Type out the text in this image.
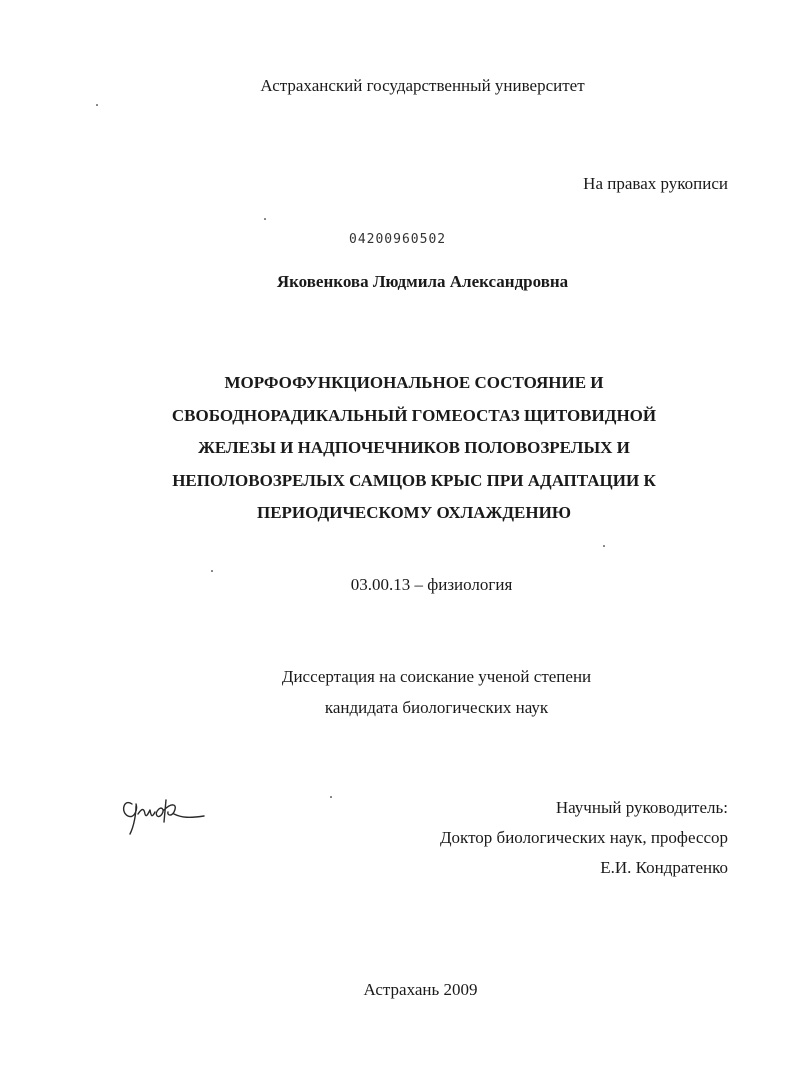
Астраханский государственный университет
На правах рукописи
04200960502
Яковенкова Людмила Александровна
МОРФОФУНКЦИОНАЛЬНОЕ СОСТОЯНИЕ И
СВОБОДНОРАДИКАЛЬНЫЙ ГОМЕОСТАЗ ЩИТОВИДНОЙ
ЖЕЛЕЗЫ И НАДПОЧЕЧНИКОВ ПОЛОВОЗРЕЛЫХ И
НЕПОЛОВОЗРЕЛЫХ САМЦОВ КРЫС ПРИ АДАПТАЦИИ К
ПЕРИОДИЧЕСКОМУ ОХЛАЖДЕНИЮ
03.00.13 – физиология
Диссертация на соискание ученой степени
кандидата биологических наук
Научный руководитель:
Доктор биологических наук, профессор
Е.И. Кондратенко
Астрахань 2009
